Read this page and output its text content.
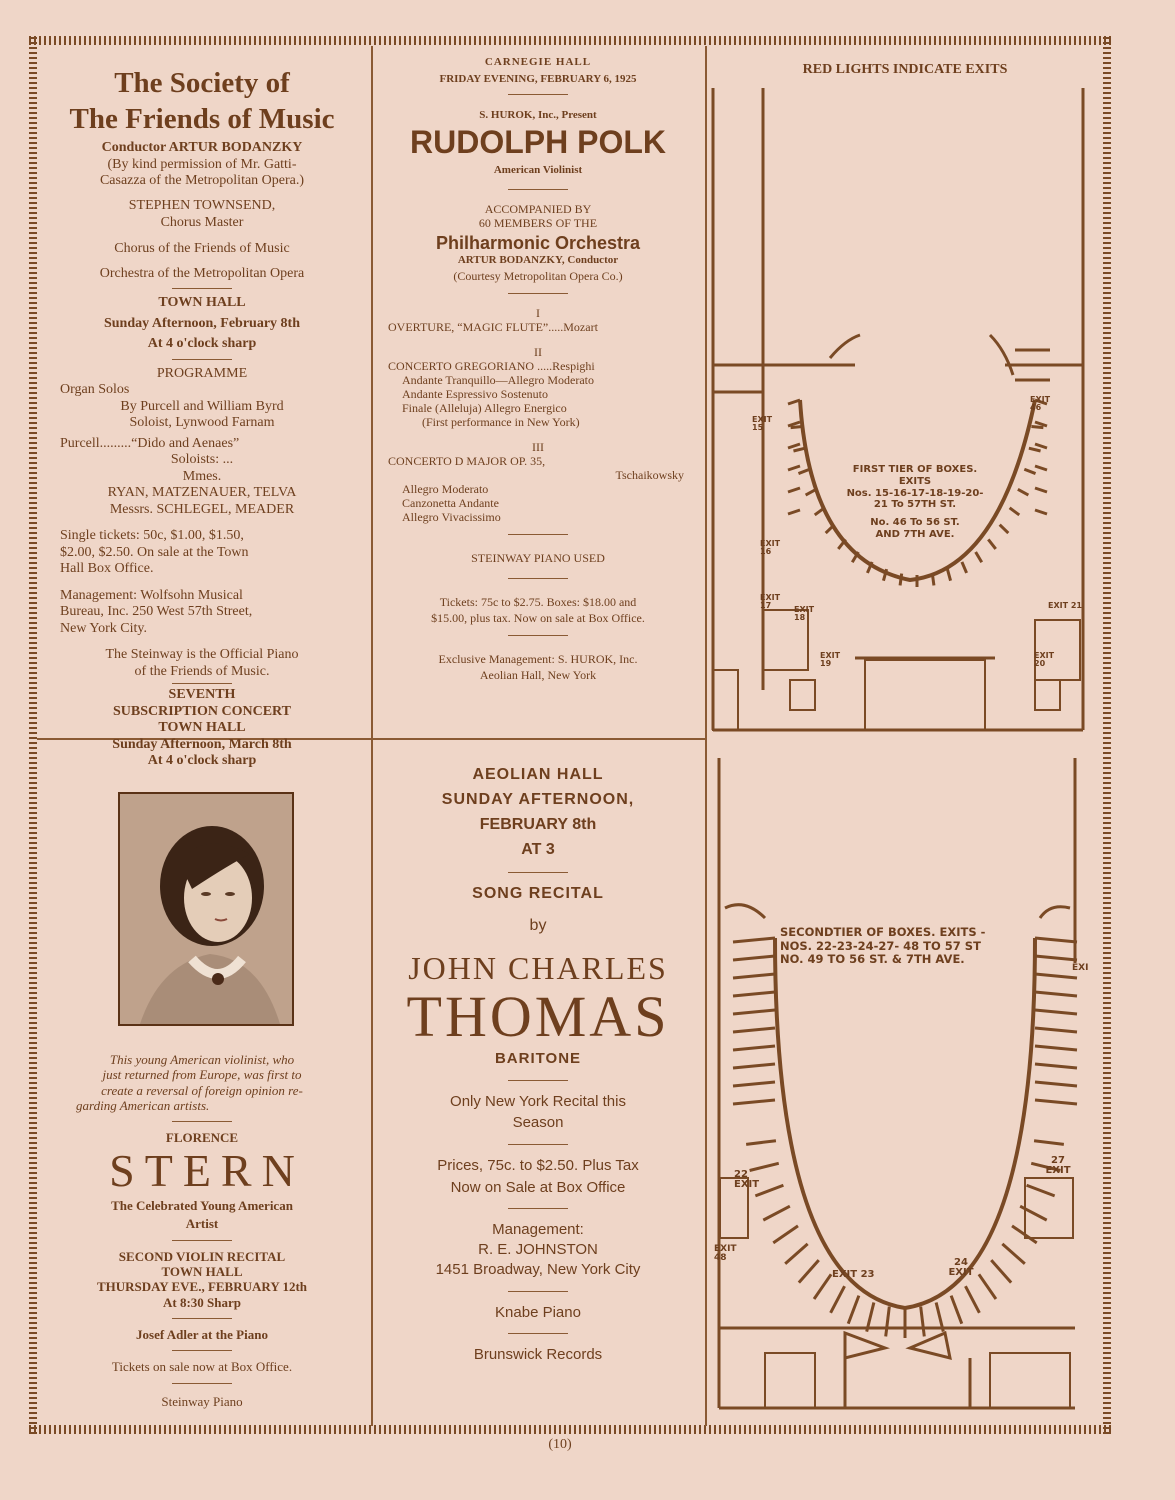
The Society of
The Friends of Music
Conductor ARTUR BODANZKY
(By kind permission of Mr. Gatti-
Casazza of the Metropolitan Opera.)
STEPHEN TOWNSEND,
Chorus Master
Chorus of the Friends of Music
Orchestra of the Metropolitan Opera
TOWN HALL
Sunday Afternoon, February 8th
At 4 o'clock sharp
PROGRAMME
Organ Solos
By Purcell and William Byrd
Soloist, Lynwood Farnam
Purcell.........“Dido and Aenaes”
Soloists: ...
Mmes.
RYAN, MATZENAUER, TELVA
Messrs. SCHLEGEL, MEADER
Single tickets: 50c, $1.00, $1.50,
$2.00, $2.50. On sale at the Town
Hall Box Office.
Management: Wolfsohn Musical
Bureau, Inc. 250 West 57th Street,
New York City.
The Steinway is the Official Piano
of the Friends of Music.
SEVENTH
SUBSCRIPTION CONCERT
TOWN HALL
Sunday Afternoon, March 8th
At 4 o'clock sharp
CARNEGIE HALL
FRIDAY EVENING, FEBRUARY 6, 1925
S. HUROK, Inc., Present
RUDOLPH POLK
American Violinist
ACCOMPANIED BY
60 MEMBERS OF THE
Philharmonic Orchestra
ARTUR BODANZKY, Conductor
(Courtesy Metropolitan Opera Co.)
I
OVERTURE, “MAGIC FLUTE”.....Mozart
II
CONCERTO GREGORIANO .....Respighi
Andante Tranquillo—Allegro Moderato
Andante Espressivo Sostenuto
Finale (Alleluja) Allegro Energico
(First performance in New York)
III
CONCERTO D MAJOR OP. 35,
Tschaikowsky
Allegro Moderato
Canzonetta Andante
Allegro Vivacissimo
STEINWAY PIANO USED
Tickets: 75c to $2.75. Boxes: $18.00 and
$15.00, plus tax. Now on sale at Box Office.
Exclusive Management: S. HUROK, Inc.
Aeolian Hall, New York
RED LIGHTS INDICATE EXITS
FIRST TIER OF BOXES. EXITS
Nos. 15-16-17-18-19-20-
21 To 57TH ST.
No. 46 To 56 ST.
AND 7TH AVE.
EXIT 15
EXIT 16
EXIT 17	EXIT 18
EXIT 19
EXIT 20
EXIT 21
EXIT 46
This young American violinist, who
just returned from Europe, was first to
create a reversal of foreign opinion re-
garding American artists.
FLORENCE
STERN
The Celebrated Young American
Artist
SECOND VIOLIN RECITAL
TOWN HALL
THURSDAY EVE., FEBRUARY 12th
At 8:30 Sharp
Josef Adler at the Piano
Tickets on sale now at Box Office.
Steinway Piano
AEOLIAN HALL
SUNDAY AFTERNOON,
FEBRUARY 8th
AT 3
SONG RECITAL
by
JOHN CHARLES
THOMAS
BARITONE
Only New York Recital this
Season
Prices, 75c. to $2.50. Plus Tax
Now on Sale at Box Office
Management:
R. E. JOHNSTON
1451 Broadway, New York City
Knabe Piano
Brunswick Records
SECONDTIER OF BOXES. EXITS -
NOS. 22-23-24-27- 48 TO 57 ST
NO. 49 TO 56 ST. & 7TH AVE.
22 EXIT
27 EXIT
EXIT 48
EXIT 23
24 EXIT
EXI
(10)
